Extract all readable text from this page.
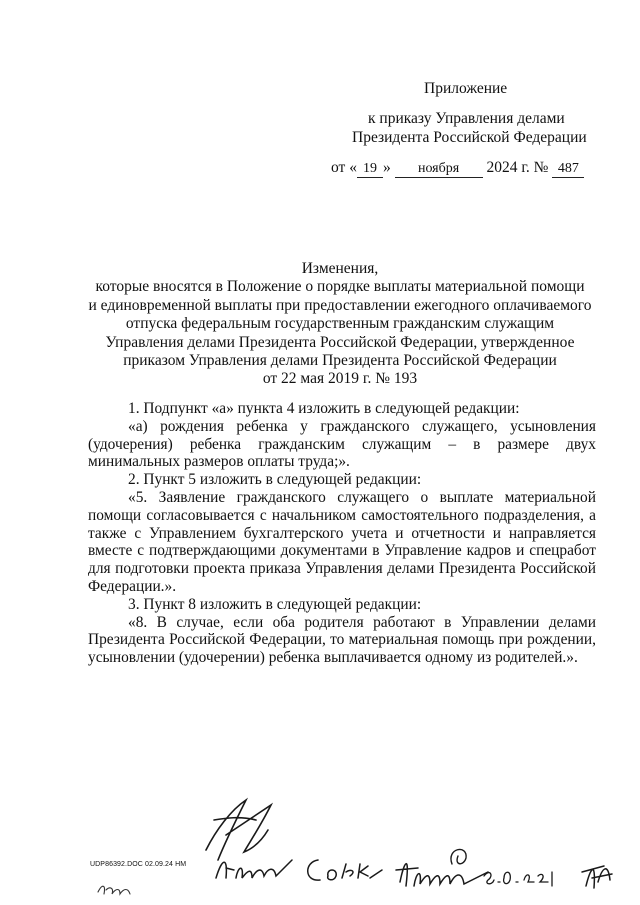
Приложение
к приказу Управления делами
Президента Российской Федерации
от « 19 » ноября 2024 г. № 487
Изменения,
которые вносятся в Положение о порядке выплаты материальной помощи
и единовременной выплаты при предоставлении ежегодного оплачиваемого
отпуска федеральным государственным гражданским служащим
Управления делами Президента Российской Федерации, утвержденное
приказом Управления делами Президента Российской Федерации
от 22 мая 2019 г. № 193

1. Подпункт «а» пункта 4 изложить в следующей редакции:

«а) рождения ребенка у гражданского служащего, усыновления (удочерения) ребенка гражданским служащим – в размере двух минимальных размеров оплаты труда;».

2. Пункт 5 изложить в следующей редакции:

«5. Заявление гражданского служащего о выплате материальной помощи согласовывается с начальником самостоятельного подразделения, а также с Управлением бухгалтерского учета и отчетности и направляется вместе с подтверждающими документами в Управление кадров и спецработ для подготовки проекта приказа Управления делами Президента Российской Федерации.».

3. Пункт 8 изложить в следующей редакции:

«8. В случае, если оба родителя работают в Управлении делами Президента Российской Федерации, то материальная помощь при рождении, усыновлении (удочерении) ребенка выплачивается одному из родителей.».

UDP86392.DOC 02.09.24 HM
